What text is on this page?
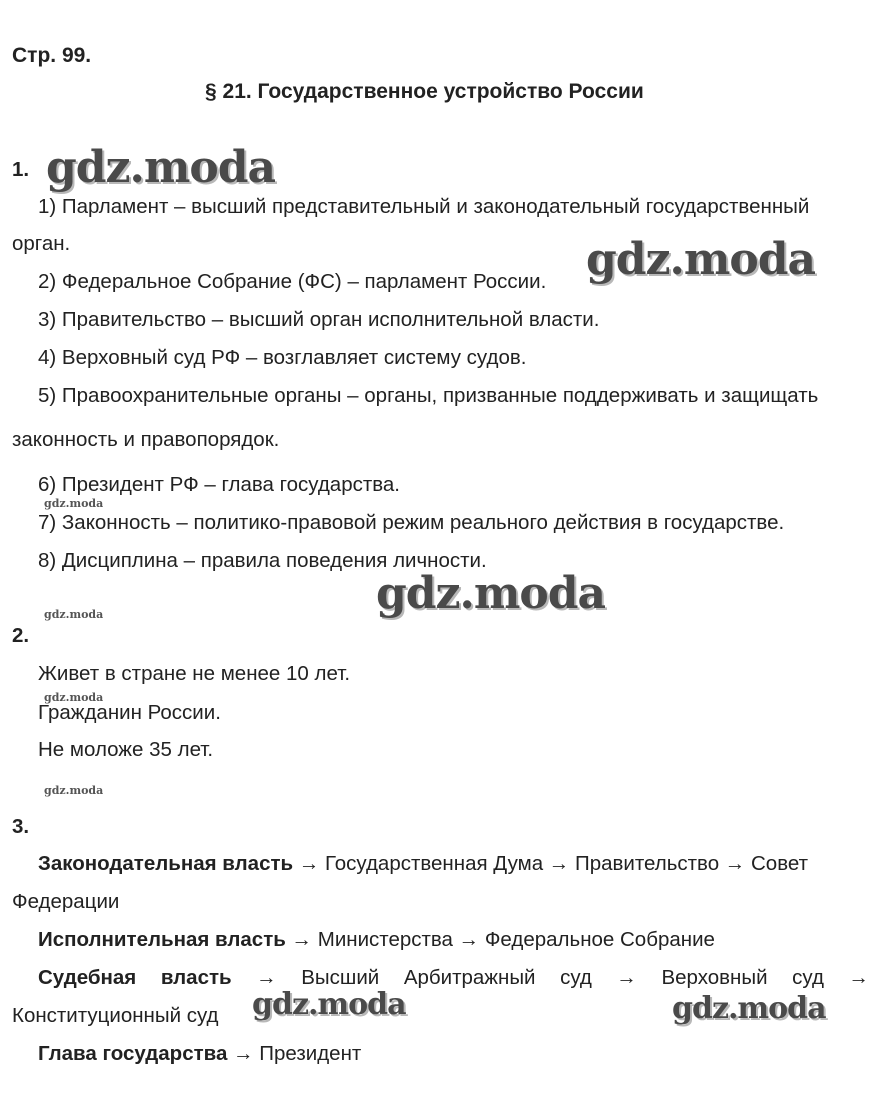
Стр. 99.
§ 21. Государственное устройство России
1.
1) Парламент – высший представительный и законодательный государственный
орган.
2) Федеральное Собрание (ФС) – парламент России.
3) Правительство – высший орган исполнительной власти.
4) Верховный суд РФ – возглавляет систему судов.
5) Правоохранительные органы – органы, призванные поддерживать и защищать
законность и правопорядок.
6) Президент РФ – глава государства.
7) Законность – политико-правовой режим реального действия в государстве.
8) Дисциплина – правила поведения личности.
2.
Живет в стране не менее 10 лет.
Гражданин России.
Не моложе 35 лет.
3.
Законодательная власть → Государственная Дума → Правительство → Совет
Федерации
Исполнительная власть → Министерства → Федеральное Собрание
Судебная власть → Высший Арбитражный суд → Верховный суд →
Конституционный суд
Глава государства → Президент
gdz.moda
gdz.moda
gdz.moda
gdz.moda	gdz.moda
gdz.moda
gdz.moda
gdz.moda
gdz.moda
